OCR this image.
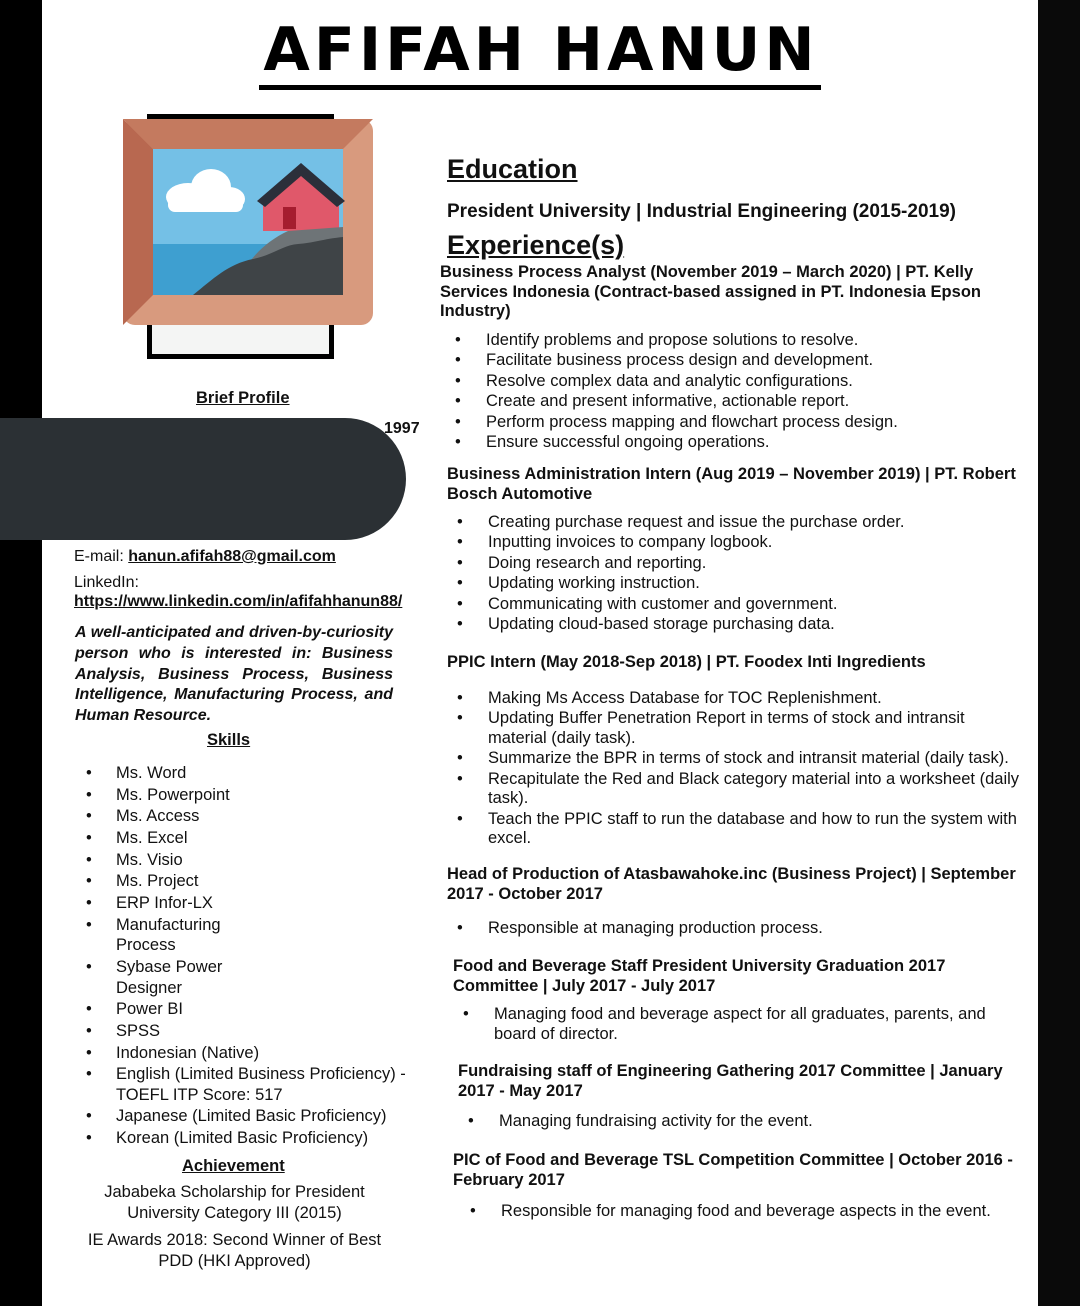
AFIFAH HANUN
Brief Profile
1997
E-mail: hanun.afifah88@gmail.com
LinkedIn:
https://www.linkedin.com/in/afifahhanun88/
A well-anticipated and driven-by-curiosity person who is interested in: Business Analysis, Business Process, Business Intelligence, Manufacturing Process, and Human Resource.
Skills
• Ms. Word
• Ms. Powerpoint
• Ms. Access
• Ms. Excel
• Ms. Visio
• Ms. Project
• ERP Infor-LX
• Manufacturing Process
• Sybase Power Designer
• Power BI
• SPSS
• Indonesian (Native)
• English (Limited Business Proficiency) - TOEFL ITP Score: 517
• Japanese (Limited Basic Proficiency)
• Korean (Limited Basic Proficiency)
Achievement
Jababeka Scholarship for President University Category III (2015)
IE Awards 2018: Second Winner of Best PDD (HKI Approved)
Education
President University | Industrial Engineering (2015-2019)
Experience(s)
Business Process Analyst (November 2019 – March 2020) | PT. Kelly Services Indonesia (Contract-based assigned in PT. Indonesia Epson Industry)
• Identify problems and propose solutions to resolve.
• Facilitate business process design and development.
• Resolve complex data and analytic configurations.
• Create and present informative, actionable report.
• Perform process mapping and flowchart process design.
• Ensure successful ongoing operations.
Business Administration Intern (Aug 2019 – November 2019) | PT. Robert Bosch Automotive
• Creating purchase request and issue the purchase order.
• Inputting invoices to company logbook.
• Doing research and reporting.
• Updating working instruction.
• Communicating with customer and government.
• Updating cloud-based storage purchasing data.
PPIC Intern (May 2018-Sep 2018) | PT. Foodex Inti Ingredients
• Making Ms Access Database for TOC Replenishment.
• Updating Buffer Penetration Report in terms of stock and intransit material (daily task).
• Summarize the BPR in terms of stock and intransit material (daily task).
• Recapitulate the Red and Black category material into a worksheet (daily task).
• Teach the PPIC staff to run the database and how to run the system with excel.
Head of Production of Atasbawahoke.inc (Business Project) | September 2017 - October 2017
• Responsible at managing production process.
Food and Beverage Staff President University Graduation 2017 Committee | July 2017 - July 2017
• Managing food and beverage aspect for all graduates, parents, and board of director.
Fundraising staff of Engineering Gathering 2017 Committee | January 2017 - May 2017
• Managing fundraising activity for the event.
PIC of Food and Beverage TSL Competition Committee | October 2016 - February 2017
• Responsible for managing food and beverage aspects in the event.
